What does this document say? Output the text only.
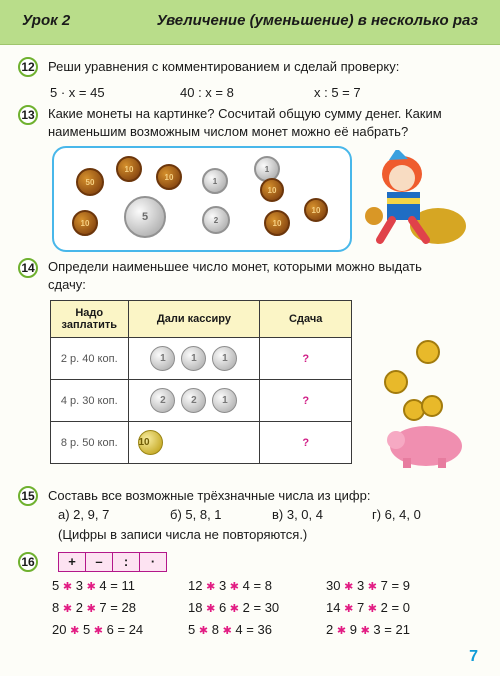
Урок 2	Увеличение (уменьшение) в несколько раз
12 Реши уравнения с комментированием и сделай проверку:
5 · x = 45	40 : x = 8	x : 5 = 7
13 Какие монеты на картинке? Сосчитай общую сумму денег. Каким
наименьшим возможным числом монет можно её набрать?
50
10
10
5
1
1
2
10
10
10
10
14 Определи наименьшее число монет, которыми можно выдать
сдачу:
Надо заплатить	Дали кассиру	Сдача
2 р. 40 коп.	1 1 1	?
4 р. 30 коп.	2 2 1	?
8 р. 50 коп.	10	?
15 Составь все возможные трёхзначные числа из цифр:
а) 2, 9, 7	б) 5, 8, 1	в) 3, 0, 4	г) 6, 4, 0
(Цифры в записи числа не повторяются.)
16	+	–	:	·
5 ✱ 3 ✱ 4 = 11	12 ✱ 3 ✱ 4 = 8	30 ✱ 3 ✱ 7 = 9
8 ✱ 2 ✱ 7 = 28	18 ✱ 6 ✱ 2 = 30	14 ✱ 7 ✱ 2 = 0
20 ✱ 5 ✱ 6 = 24	5 ✱ 8 ✱ 4 = 36	2 ✱ 9 ✱ 3 = 21
7
